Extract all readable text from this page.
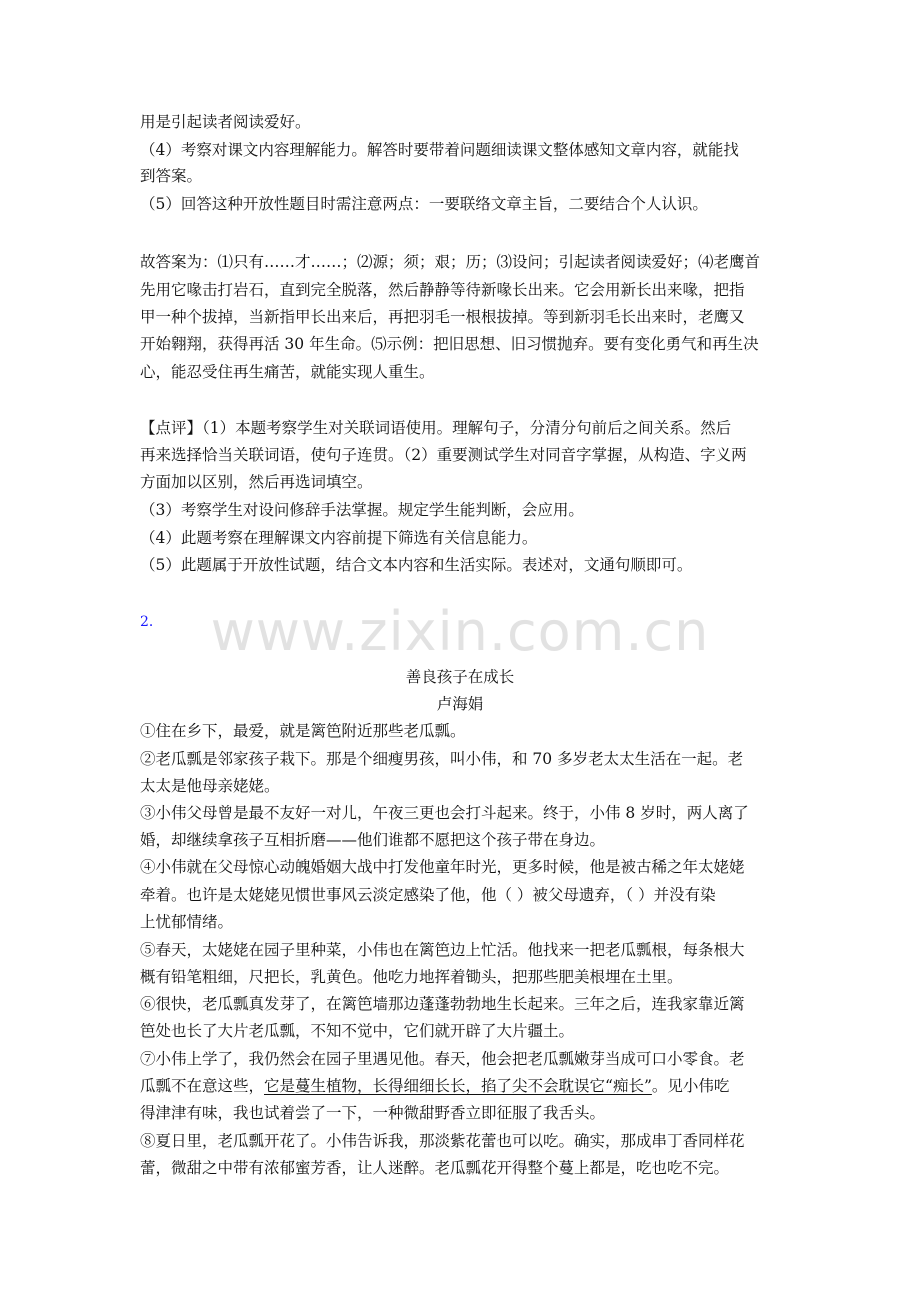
用是引起读者阅读爱好。
（4）考察对课文内容理解能力。解答时要带着问题细读课文整体感知文章内容，就能找
到答案。
（5）回答这种开放性题目时需注意两点：一要联络文章主旨，二要结合个人认识。
故答案为：⑴只有……才……；⑵源；须；艰；历；⑶设问；引起读者阅读爱好；⑷老鹰首
先用它喙击打岩石，直到完全脱落，然后静静等待新喙长出来。它会用新长出来喙，把指
甲一种个拔掉，当新指甲长出来后，再把羽毛一根根拔掉。等到新羽毛长出来时，老鹰又
开始翱翔，获得再活 30 年生命。⑸示例：把旧思想、旧习惯抛弃。要有变化勇气和再生决
心，能忍受住再生痛苦，就能实现人重生。
【点评】（1）本题考察学生对关联词语使用。理解句子，分清分句前后之间关系。然后
再来选择恰当关联词语，使句子连贯。（2）重要测试学生对同音字掌握，从构造、字义两
方面加以区别，然后再选词填空。
（3）考察学生对设问修辞手法掌握。规定学生能判断，会应用。
（4）此题考察在理解课文内容前提下筛选有关信息能力。
（5）此题属于开放性试题，结合文本内容和生活实际。表述对，文通句顺即可。
2． www.zixin.com.cn
善良孩子在成长
卢海娟
①住在乡下，最爱，就是篱笆附近那些老瓜瓢。
②老瓜瓢是邻家孩子栽下。那是个细瘦男孩，叫小伟，和 70 多岁老太太生活在一起。老
太太是他母亲姥姥。
③小伟父母曾是最不友好一对儿，午夜三更也会打斗起来。终于，小伟 8 岁时，两人离了
婚，却继续拿孩子互相折磨——他们谁都不愿把这个孩子带在身边。
④小伟就在父母惊心动魄婚姻大战中打发他童年时光，更多时候，他是被古稀之年太姥姥
牵着。也许是太姥姥见惯世事风云淡定感染了他，他（ ）被父母遗弃，（ ）并没有染
上忧郁情绪。
⑤春天，太姥姥在园子里种菜，小伟也在篱笆边上忙活。他找来一把老瓜瓢根，每条根大
概有铅笔粗细，尺把长，乳黄色。他吃力地挥着锄头，把那些肥美根埋在土里。
⑥很快，老瓜瓢真发芽了，在篱笆墙那边蓬蓬勃勃地生长起来。三年之后，连我家靠近篱
笆处也长了大片老瓜瓢，不知不觉中，它们就开辟了大片疆土。
⑦小伟上学了，我仍然会在园子里遇见他。春天，他会把老瓜瓢嫩芽当成可口小零食。老
瓜瓢不在意这些，它是蔓生植物，长得细细长长，掐了尖不会耽误它“痴长”。见小伟吃
得津津有味，我也试着尝了一下，一种微甜野香立即征服了我舌头。
⑧夏日里，老瓜瓢开花了。小伟告诉我，那淡紫花蕾也可以吃。确实，那成串丁香同样花
蕾，微甜之中带有浓郁蜜芳香，让人迷醉。老瓜瓢花开得整个蔓上都是，吃也吃不完。
